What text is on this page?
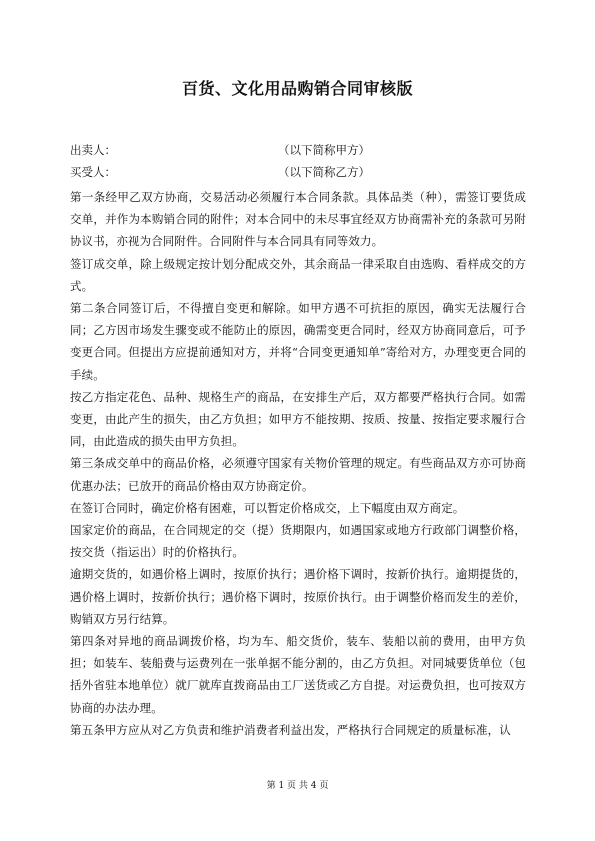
百货、文化用品购销合同审核版
出卖人：	（以下简称甲方）
买受人：	（以下简称乙方）

第一条经甲乙双方协商，交易活动必须履行本合同条款。具体品类（种），需签订要货成交单，并作为本购销合同的附件；对本合同中的未尽事宜经双方协商需补充的条款可另附协议书，亦视为合同附件。合同附件与本合同具有同等效力。

签订成交单，除上级规定按计划分配成交外，其余商品一律采取自由选购、看样成交的方式。

第二条合同签订后，不得擅自变更和解除。如甲方遇不可抗拒的原因，确实无法履行合同；乙方因市场发生骤变或不能防止的原因，确需变更合同时，经双方协商同意后，可予变更合同。但提出方应提前通知对方，并将“合同变更通知单”寄给对方，办理变更合同的手续。

按乙方指定花色、品种、规格生产的商品，在安排生产后，双方都要严格执行合同。如需变更，由此产生的损失，由乙方负担；如甲方不能按期、按质、按量、按指定要求履行合同，由此造成的损失由甲方负担。

第三条成交单中的商品价格，必须遵守国家有关物价管理的规定。有些商品双方亦可协商优惠办法；已放开的商品价格由双方协商定价。

在签订合同时，确定价格有困难，可以暂定价格成交，上下幅度由双方商定。

国家定价的商品，在合同规定的交（提）货期限内，如遇国家或地方行政部门调整价格，按交货（指运出）时的价格执行。

逾期交货的，如遇价格上调时，按原价执行；遇价格下调时，按新价执行。逾期提货的，遇价格上调时，按新价执行；遇价格下调时，按原价执行。由于调整价格而发生的差价，购销双方另行结算。

第四条对异地的商品调拨价格，均为车、船交货价，装车、装船以前的费用，由甲方负担；如装车、装船费与运费列在一张单据不能分割的，由乙方负担。对同城要货单位（包括外省驻本地单位）就厂就库直拨商品由工厂送货或乙方自提。对运费负担，也可按双方协商的办法办理。

第五条甲方应从对乙方负责和维护消费者利益出发，严格执行合同规定的质量标准，认

第 1 页 共 4 页
